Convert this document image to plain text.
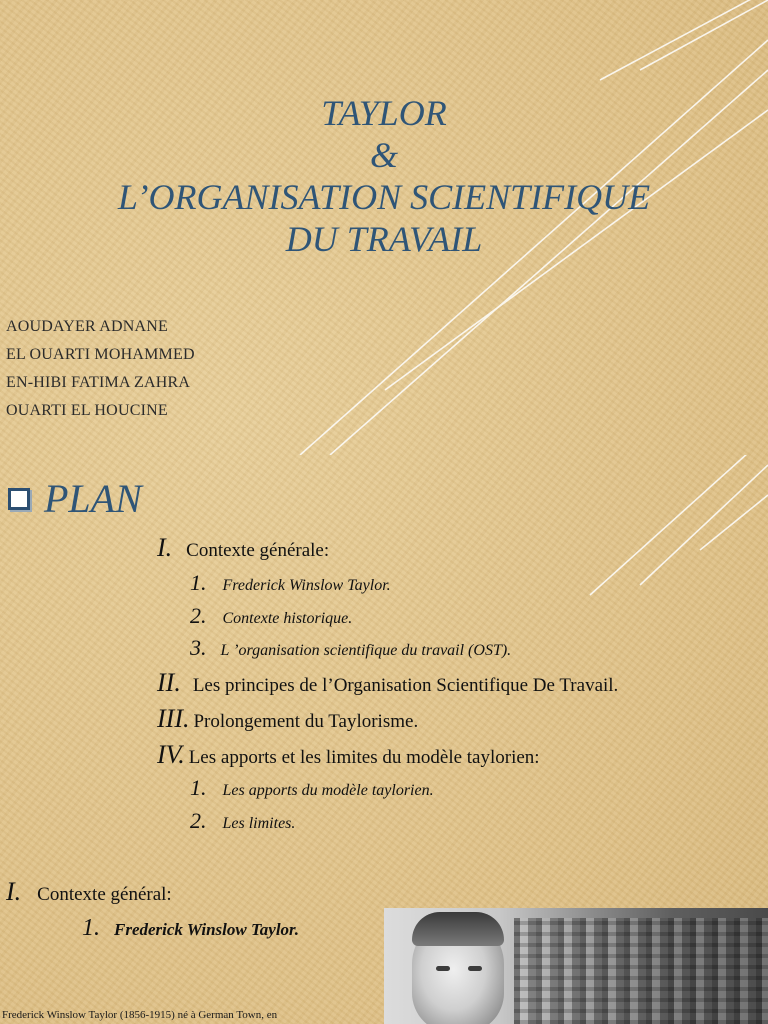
TAYLOR
&
L’ORGANISATION SCIENTIFIQUE
DU TRAVAIL
AOUDAYER ADNANE
EL OUARTI MOHAMMED
EN-HIBI FATIMA ZAHRA
OUARTI EL HOUCINE
PLAN
I. Contexte générale:
1. Frederick Winslow Taylor.
2. Contexte historique.
3. L ’organisation scientifique du travail (OST).
II. Les principes de l’Organisation Scientifique De Travail.
III. Prolongement du Taylorisme.
IV. Les apports et les limites du modèle taylorien:
1. Les apports du modèle taylorien.
2. Les limites.
I. Contexte général:
1. Frederick Winslow Taylor.
Frederick Winslow Taylor (1856-1915) né à German Town, en
